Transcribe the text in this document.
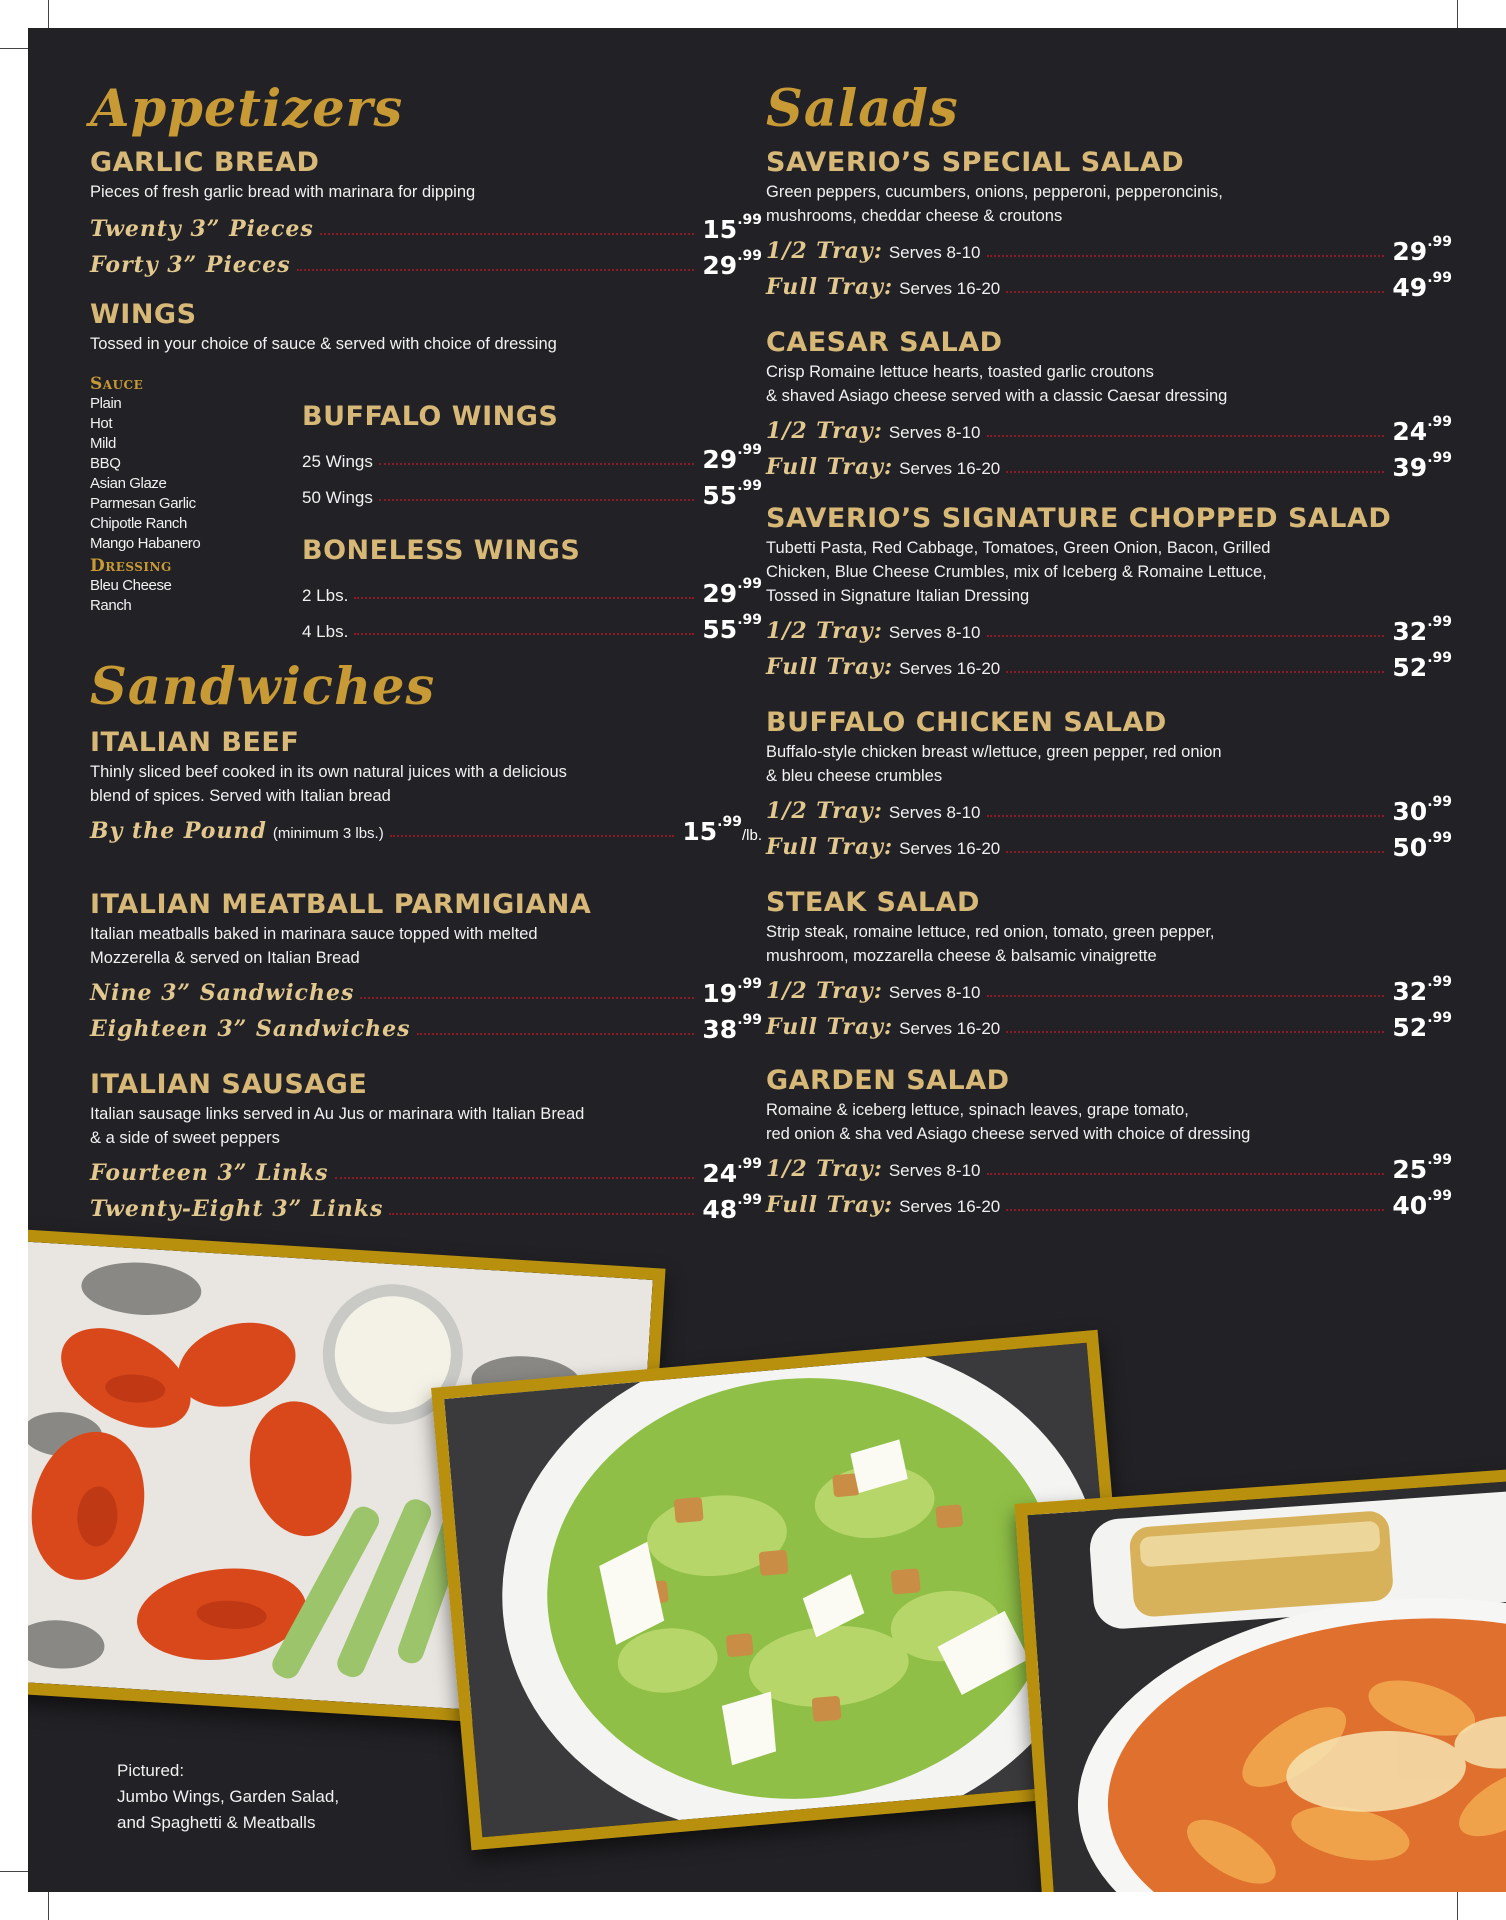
Appetizers
GARLIC BREAD
Pieces of fresh garlic bread with marinara for dipping
Twenty 3” Pieces	$15^{.99}$
Forty 3” Pieces	$29^{.99}$
WINGS
Tossed in your choice of sauce & served with choice of dressing
Sauce
Plain
Hot
Mild
BBQ
Asian Glaze
Parmesan Garlic
Chipotle Ranch
Mango Habanero
Dressing
Bleu Cheese
Ranch
BUFFALO WINGS
25 Wings	$29^{.99}$
50 Wings	$55^{.99}$
BONELESS WINGS
2 Lbs.	$29^{.99}$
4 Lbs.	$55^{.99}$
Sandwiches
ITALIAN BEEF
Thinly sliced beef cooked in its own natural juices with a delicious
blend of spices. Served with Italian bread
By the Pound (minimum 3 lbs.)	$15^{.99}/lb$.
ITALIAN MEATBALL PARMIGIANA
Italian meatballs baked in marinara sauce topped with melted
Mozzerella & served on Italian Bread
Nine 3” Sandwiches	$19^{.99}$
Eighteen 3” Sandwiches	$38^{.99}$
ITALIAN SAUSAGE
Italian sausage links served in Au Jus or marinara with Italian Bread
& a side of sweet peppers
Fourteen 3” Links	$24^{.99}$
Twenty-Eight 3” Links	$48^{.99}$
Salads
SAVERIO’S SPECIAL SALAD
Green peppers, cucumbers, onions, pepperoni, pepperoncinis,
mushrooms, cheddar cheese & croutons
1/2 Tray: Serves 8-10	$29^{.99}$
Full Tray: Serves 16-20	$49^{.99}$
CAESAR SALAD
Crisp Romaine lettuce hearts, toasted garlic croutons
& shaved Asiago cheese served with a classic Caesar dressing
1/2 Tray: Serves 8-10	$24^{.99}$
Full Tray: Serves 16-20	$39^{.99}$
SAVERIO’S SIGNATURE CHOPPED SALAD
Tubetti Pasta, Red Cabbage, Tomatoes, Green Onion, Bacon, Grilled
Chicken, Blue Cheese Crumbles, mix of Iceberg & Romaine Lettuce,
Tossed in Signature Italian Dressing
1/2 Tray: Serves 8-10	$32^{.99}$
Full Tray: Serves 16-20	$52^{.99}$
BUFFALO CHICKEN SALAD
Buffalo-style chicken breast w/lettuce, green pepper, red onion
& bleu cheese crumbles
1/2 Tray: Serves 8-10	$30^{.99}$
Full Tray: Serves 16-20	$50^{.99}$
STEAK SALAD
Strip steak, romaine lettuce, red onion, tomato, green pepper,
mushroom, mozzarella cheese & balsamic vinaigrette
1/2 Tray: Serves 8-10	$32^{.99}$
Full Tray: Serves 16-20	$52^{.99}$
GARDEN SALAD
Romaine & iceberg lettuce, spinach leaves, grape tomato,
red onion & sha ved Asiago cheese served with choice of dressing
1/2 Tray: Serves 8-10	$25^{.99}$
Full Tray: Serves 16-20	$40^{.99}$
Pictured:
Jumbo Wings, Garden Salad,
and Spaghetti & Meatballs
